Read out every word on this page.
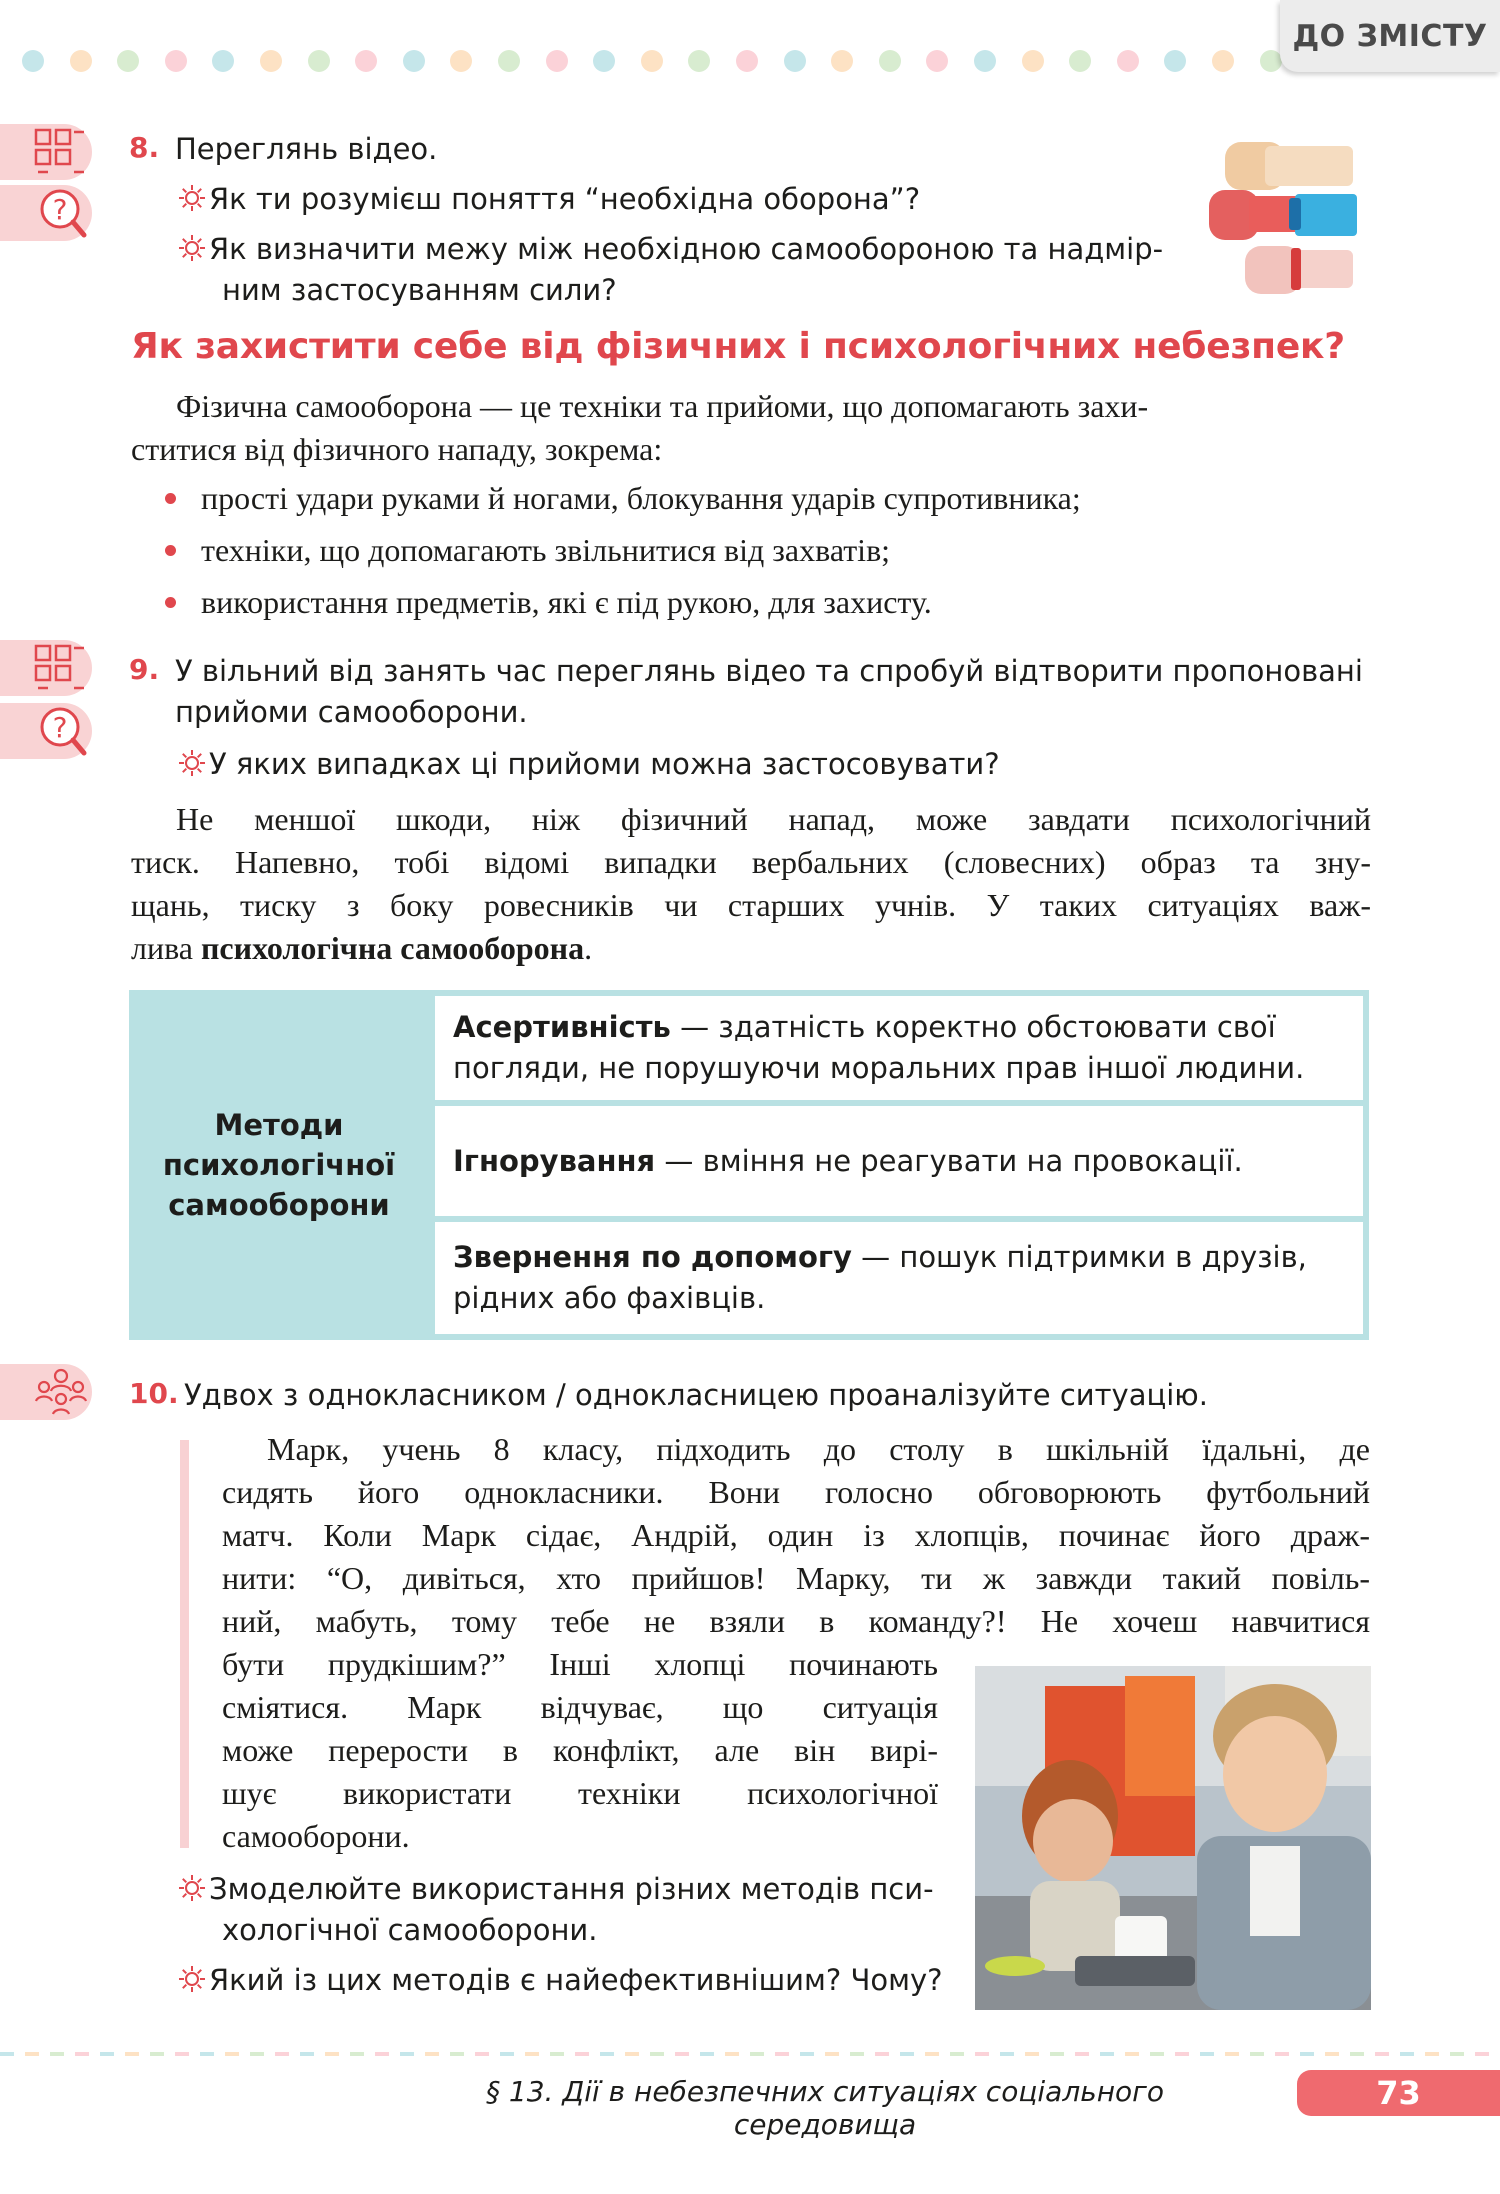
ДО ЗМІСТУ
?
8. Переглянь відео.
Як ти розумієш поняття “необхідна оборона”?
Як визначити межу між необхідною самообороною та надмір-
ним застосуванням сили?
Як захистити себе від фізичних і психологічних небезпек?
Фізична самооборона — це техніки та прийоми, що допомагають захи-
ститися від фізичного нападу, зокрема:
прості удари руками й ногами, блокування ударів супротивника;
техніки, що допомагають звільнитися від захватів;
використання предметів, які є під рукою, для захисту.
?
9. У вільний від занять час переглянь відео та спробуй відтворити пропоновані
прийоми самооборони.
У яких випадках ці прийоми можна застосовувати?
Не меншої шкоди, ніж фізичний напад, може завдати психологічний
тиск. Напевно, тобі відомі випадки вербальних (словесних) образ та зну-
щань, тиску з боку ровесників чи старших учнів. У таких ситуаціях важ-
лива психологічна самооборона.
Методи
психологічної
самооборони
Асертивність — здатність коректно обстоювати свої
погляди, не порушуючи моральних прав іншої людини.
Ігнорування — вміння не реагувати на провокації.
Звернення по допомогу — пошук підтримки в друзів,
рідних або фахівців.
10. Удвох з однокласником / однокласницею проаналізуйте ситуацію.
Марк, учень 8 класу, підходить до столу в шкільній їдальні, де
сидять його однокласники. Вони голосно обговорюють футбольний
матч. Коли Марк сідає, Андрій, один із хлопців, починає його драж-
нити: “О, дивіться, хто прийшов! Марку, ти ж завжди такий повіль-
ний, мабуть, тому тебе не взяли в команду?! Не хочеш навчитися
бути прудкішим?” Інші хлопці починають
сміятися. Марк відчуває, що ситуація
може перерости в конфлікт, але він вирі-
шує використати техніки психологічної
самооборони.
Змоделюйте використання різних методів пси-
хологічної самооборони.
Який із цих методів є найефективнішим? Чому?
§ 13. Дії в небезпечних ситуаціях соціального середовища
73
